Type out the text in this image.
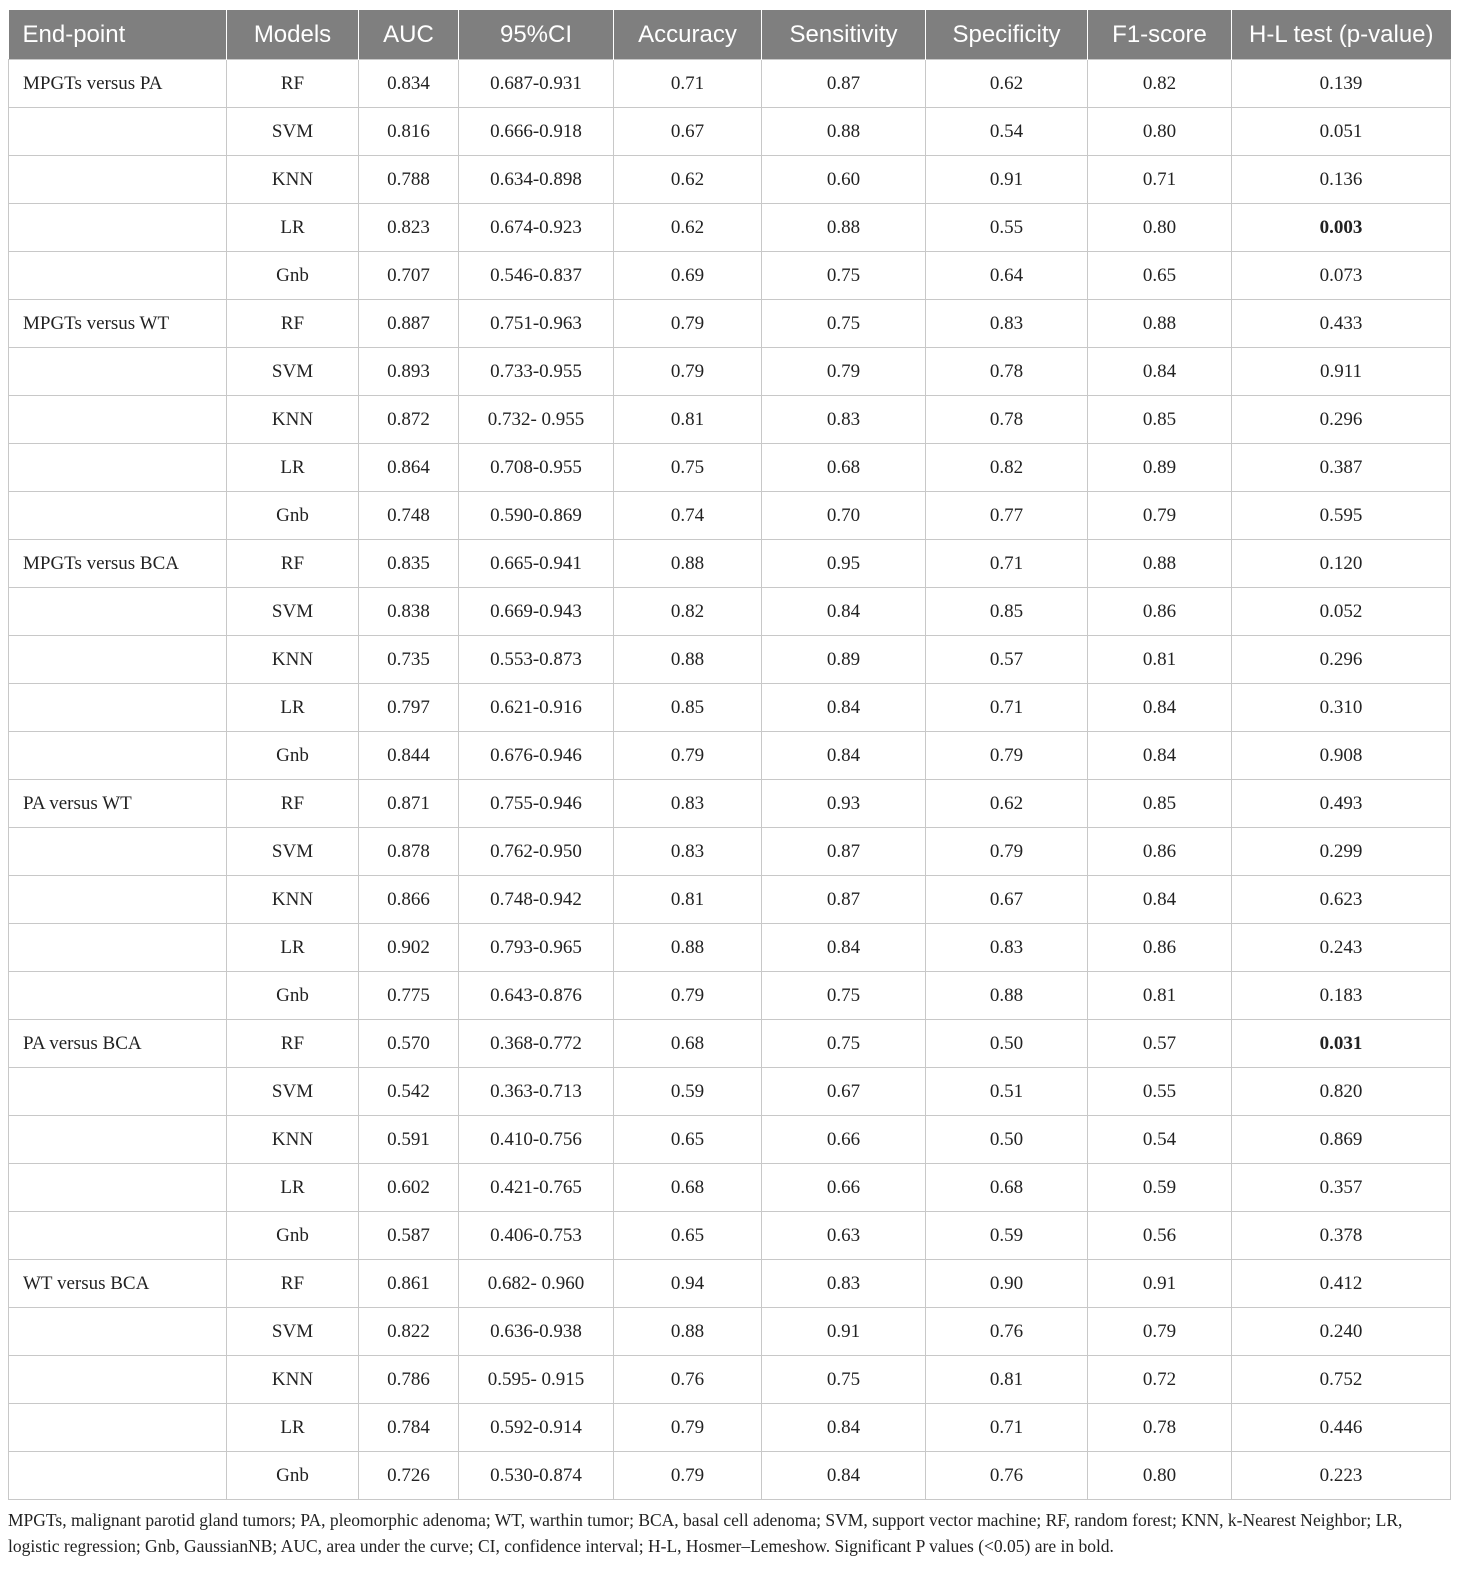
End-point	Models	AUC	95%CI	Accuracy	Sensitivity	Specificity	F1-score	H-L test (p-value)
MPGTs versus PA	RF	0.834	0.687-0.931	0.71	0.87	0.62	0.82	0.139
	SVM	0.816	0.666-0.918	0.67	0.88	0.54	0.80	0.051
	KNN	0.788	0.634-0.898	0.62	0.60	0.91	0.71	0.136
	LR	0.823	0.674-0.923	0.62	0.88	0.55	0.80	0.003
	Gnb	0.707	0.546-0.837	0.69	0.75	0.64	0.65	0.073
MPGTs versus WT	RF	0.887	0.751-0.963	0.79	0.75	0.83	0.88	0.433
	SVM	0.893	0.733-0.955	0.79	0.79	0.78	0.84	0.911
	KNN	0.872	0.732- 0.955	0.81	0.83	0.78	0.85	0.296
	LR	0.864	0.708-0.955	0.75	0.68	0.82	0.89	0.387
	Gnb	0.748	0.590-0.869	0.74	0.70	0.77	0.79	0.595
MPGTs versus BCA	RF	0.835	0.665-0.941	0.88	0.95	0.71	0.88	0.120
	SVM	0.838	0.669-0.943	0.82	0.84	0.85	0.86	0.052
	KNN	0.735	0.553-0.873	0.88	0.89	0.57	0.81	0.296
	LR	0.797	0.621-0.916	0.85	0.84	0.71	0.84	0.310
	Gnb	0.844	0.676-0.946	0.79	0.84	0.79	0.84	0.908
PA versus WT	RF	0.871	0.755-0.946	0.83	0.93	0.62	0.85	0.493
	SVM	0.878	0.762-0.950	0.83	0.87	0.79	0.86	0.299
	KNN	0.866	0.748-0.942	0.81	0.87	0.67	0.84	0.623
	LR	0.902	0.793-0.965	0.88	0.84	0.83	0.86	0.243
	Gnb	0.775	0.643-0.876	0.79	0.75	0.88	0.81	0.183
PA versus BCA	RF	0.570	0.368-0.772	0.68	0.75	0.50	0.57	0.031
	SVM	0.542	0.363-0.713	0.59	0.67	0.51	0.55	0.820
	KNN	0.591	0.410-0.756	0.65	0.66	0.50	0.54	0.869
	LR	0.602	0.421-0.765	0.68	0.66	0.68	0.59	0.357
	Gnb	0.587	0.406-0.753	0.65	0.63	0.59	0.56	0.378
WT versus BCA	RF	0.861	0.682- 0.960	0.94	0.83	0.90	0.91	0.412
	SVM	0.822	0.636-0.938	0.88	0.91	0.76	0.79	0.240
	KNN	0.786	0.595- 0.915	0.76	0.75	0.81	0.72	0.752
	LR	0.784	0.592-0.914	0.79	0.84	0.71	0.78	0.446
	Gnb	0.726	0.530-0.874	0.79	0.84	0.76	0.80	0.223
MPGTs, malignant parotid gland tumors; PA, pleomorphic adenoma; WT, warthin tumor; BCA, basal cell adenoma; SVM, support vector machine; RF, random forest; KNN, k-Nearest Neighbor; LR, logistic regression; Gnb, GaussianNB; AUC, area under the curve; CI, confidence interval; H-L, Hosmer–Lemeshow. Significant P values (<0.05) are in bold.
